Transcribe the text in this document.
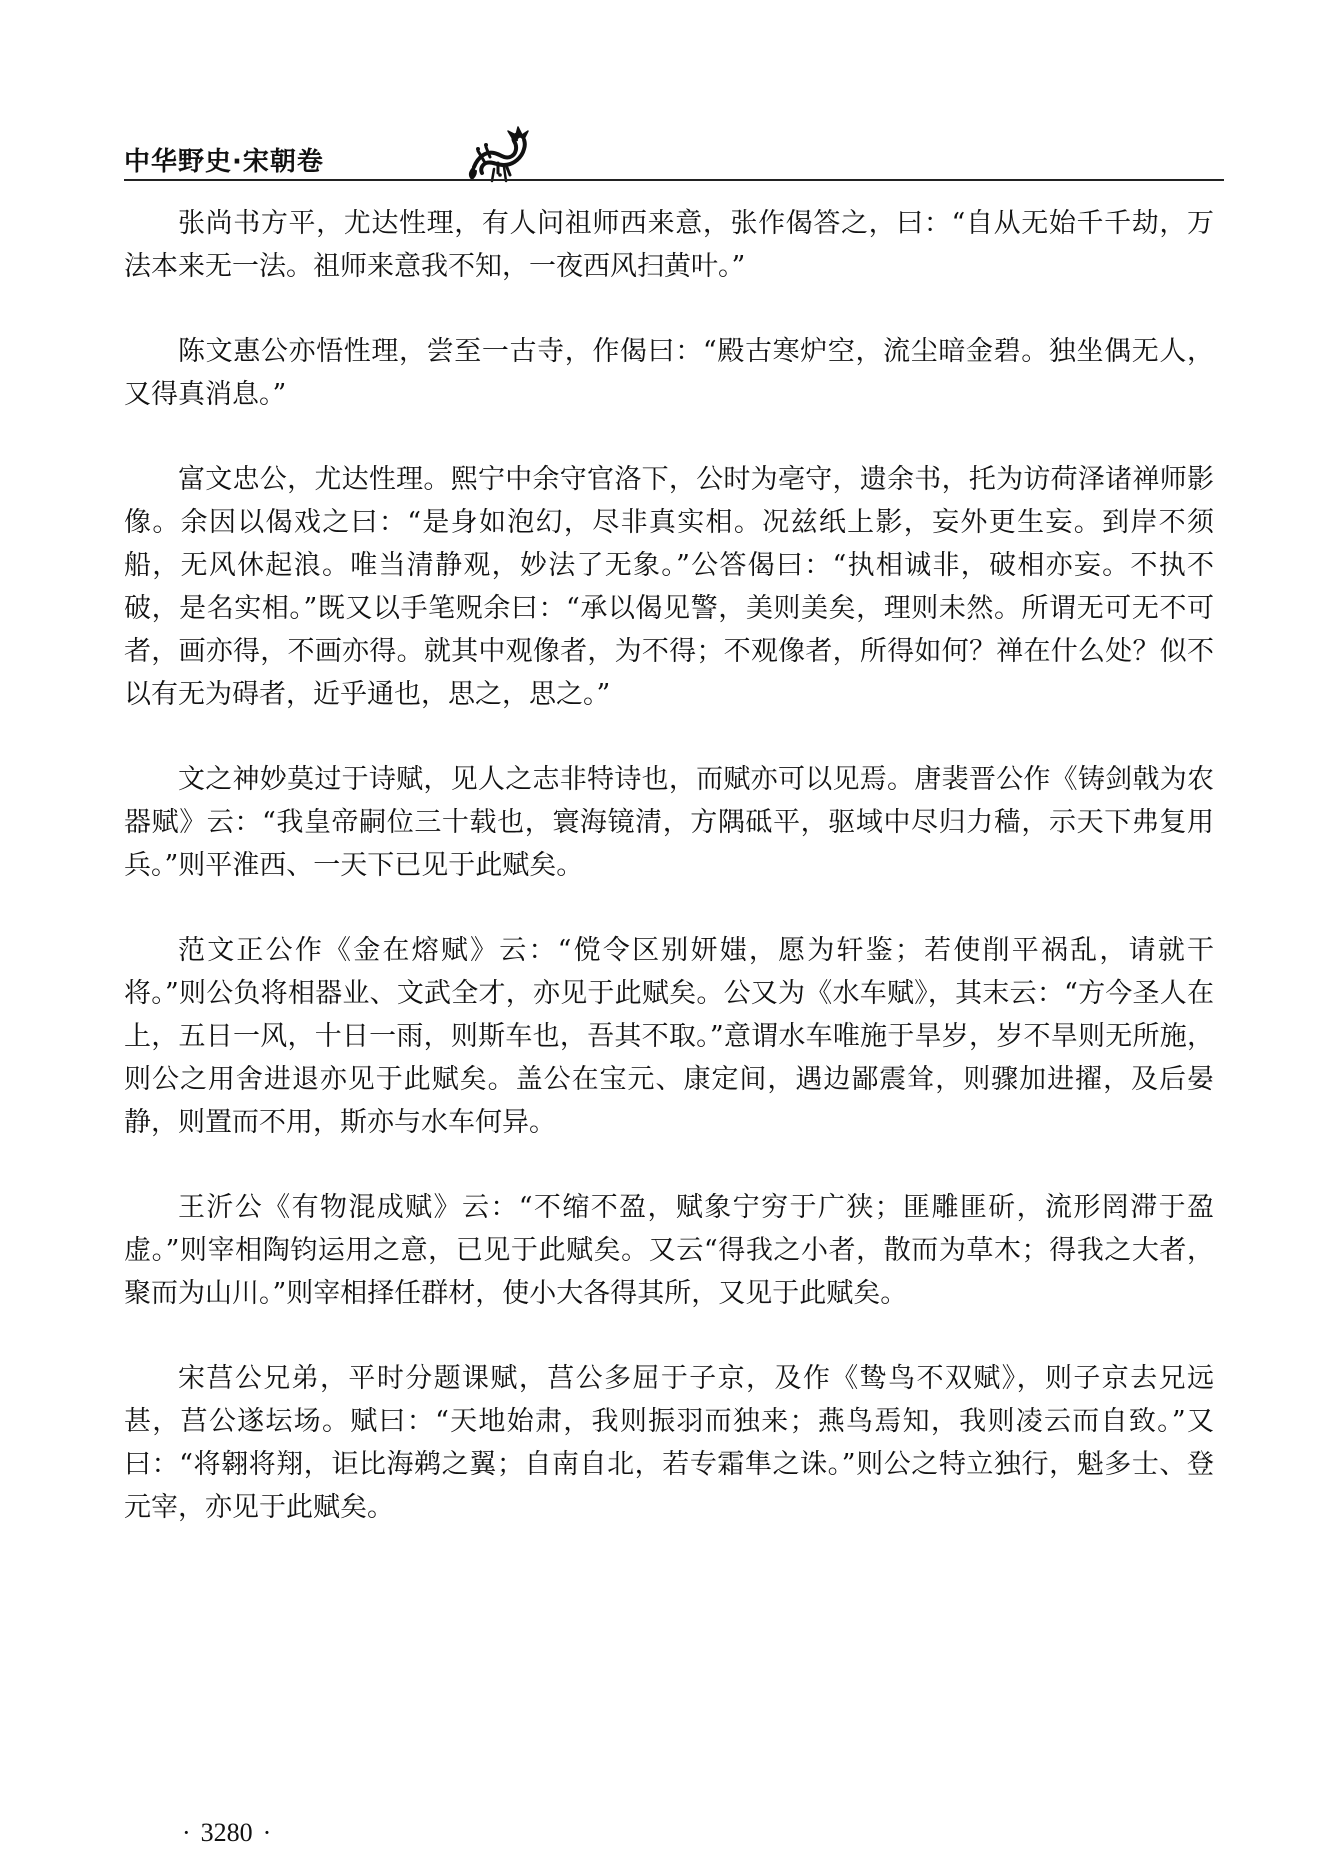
中华野史·宋朝卷

张尚书方平，尤达性理，有人问祖师西来意，张作偈答之，曰：“自从无始千千劫，万法本来无一法。祖师来意我不知，一夜西风扫黄叶。”

陈文惠公亦悟性理，尝至一古寺，作偈曰：“殿古寒炉空，流尘暗金碧。独坐偶无人，又得真消息。”

富文忠公，尤达性理。熙宁中余守官洛下，公时为亳守，遗余书，托为访荷泽诸禅师影像。余因以偈戏之曰：“是身如泡幻，尽非真实相。况兹纸上影，妄外更生妄。到岸不须船，无风休起浪。唯当清静观，妙法了无象。”公答偈曰：“执相诚非，破相亦妄。不执不破，是名实相。”既又以手笔贶余曰：“承以偈见警，美则美矣，理则未然。所谓无可无不可者，画亦得，不画亦得。就其中观像者，为不得；不观像者，所得如何？禅在什么处？似不以有无为碍者，近乎通也，思之，思之。”

文之神妙莫过于诗赋，见人之志非特诗也，而赋亦可以见焉。唐裴晋公作《铸剑戟为农器赋》云：“我皇帝嗣位三十载也，寰海镜清，方隅砥平，驱域中尽归力穑，示天下弗复用兵。”则平淮西、一天下已见于此赋矣。

范文正公作《金在熔赋》云：“傥令区别妍媸，愿为轩鉴；若使削平祸乱，请就干将。”则公负将相器业、文武全才，亦见于此赋矣。公又为《水车赋》，其末云：“方今圣人在上，五日一风，十日一雨，则斯车也，吾其不取。”意谓水车唯施于旱岁，岁不旱则无所施，则公之用舍进退亦见于此赋矣。盖公在宝元、康定间，遇边鄙震耸，则骤加进擢，及后晏静，则置而不用，斯亦与水车何异。

王沂公《有物混成赋》云：“不缩不盈，赋象宁穷于广狭；匪雕匪斫，流形罔滞于盈虚。”则宰相陶钧运用之意，已见于此赋矣。又云“得我之小者，散而为草木；得我之大者，聚而为山川。”则宰相择任群材，使小大各得其所，又见于此赋矣。

宋莒公兄弟，平时分题课赋，莒公多屈于子京，及作《鸷鸟不双赋》，则子京去兄远甚，莒公遂坛场。赋曰：“天地始肃，我则振羽而独来；燕鸟焉知，我则凌云而自致。”又曰：“将翱将翔，讵比海鹈之翼；自南自北，若专霜隼之诛。”则公之特立独行，魁多士、登元宰，亦见于此赋矣。

· 3280 ·
